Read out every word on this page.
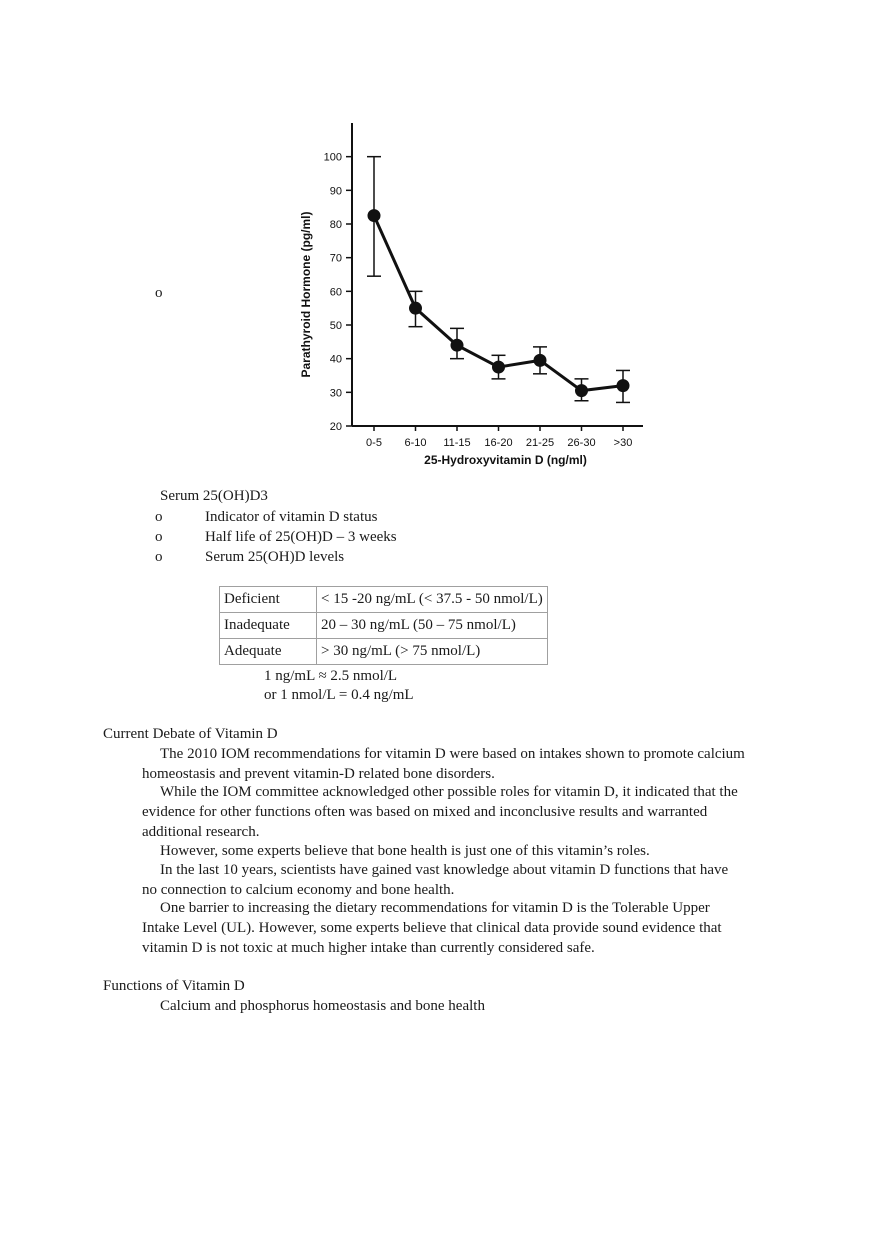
o
20
30
40
50
60
70
80
90
100
0-5 6-10 11-15 16-20 21-25 26-30 >30
25-Hydroxyvitamin D (ng/ml)
Parathyroid Hormone (pg/ml)
Serum 25(OH)D3
o	Indicator of vitamin D status
o	Half life of 25(OH)D – 3 weeks
o	Serum 25(OH)D levels
Deficient	< 15 -20 ng/mL (< 37.5 - 50 nmol/L)
Inadequate	20 – 30 ng/mL (50 – 75 nmol/L)
Adequate	> 30 ng/mL (> 75 nmol/L)
1 ng/mL ≈ 2.5 nmol/L
or 1 nmol/L = 0.4 ng/mL
Current Debate of Vitamin D
The 2010 IOM recommendations for vitamin D were based on intakes shown to promote calcium
homeostasis and prevent vitamin-D related bone disorders.
While the IOM committee acknowledged other possible roles for vitamin D, it indicated that the
evidence for other functions often was based on mixed and inconclusive results and warranted
additional research.
However, some experts believe that bone health is just one of this vitamin’s roles.
In the last 10 years, scientists have gained vast knowledge about vitamin D functions that have
no connection to calcium economy and bone health.
One barrier to increasing the dietary recommendations for vitamin D is the Tolerable Upper
Intake Level (UL). However, some experts believe that clinical data provide sound evidence that
vitamin D is not toxic at much higher intake than currently considered safe.
Functions of Vitamin D
Calcium and phosphorus homeostasis and bone health
